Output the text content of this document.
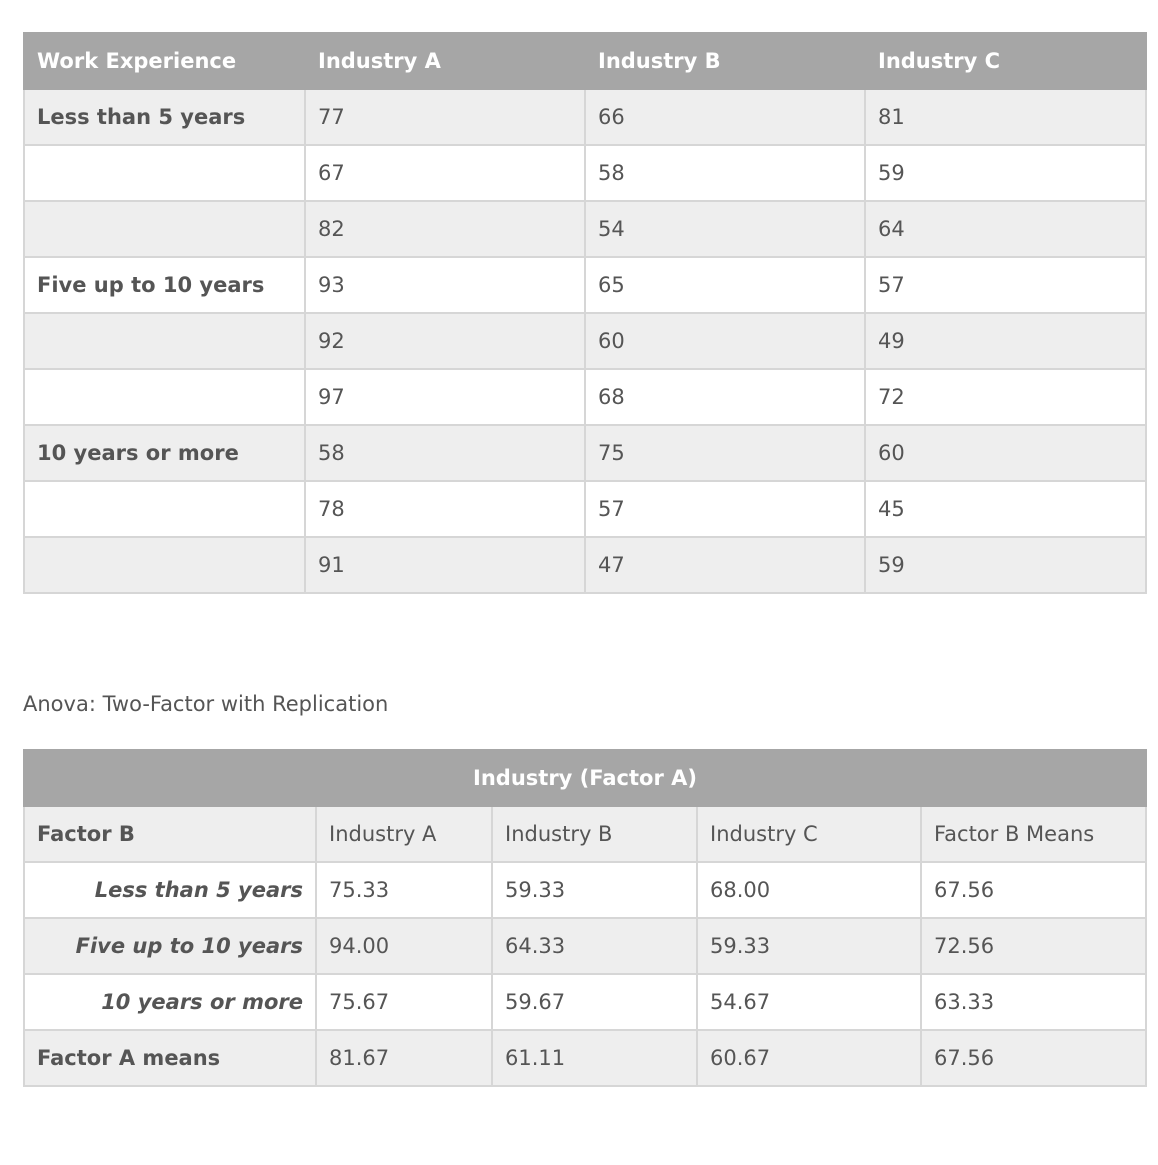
Work Experience	Industry A	Industry B	Industry C
Less than 5 years	77	66	81
	67	58	59
	82	54	64
Five up to 10 years	93	65	57
	92	60	49
	97	68	72
10 years or more	58	75	60
	78	57	45
	91	47	59

Anova: Two-Factor with Replication

Industry (Factor A)				
Factor B	Industry A	Industry B	Industry C	Factor B Means
Less than 5 years	75.33	59.33	68.00	67.56
Five up to 10 years	94.00	64.33	59.33	72.56
10 years or more	75.67	59.67	54.67	63.33
Factor A means	81.67	61.11	60.67	67.56
